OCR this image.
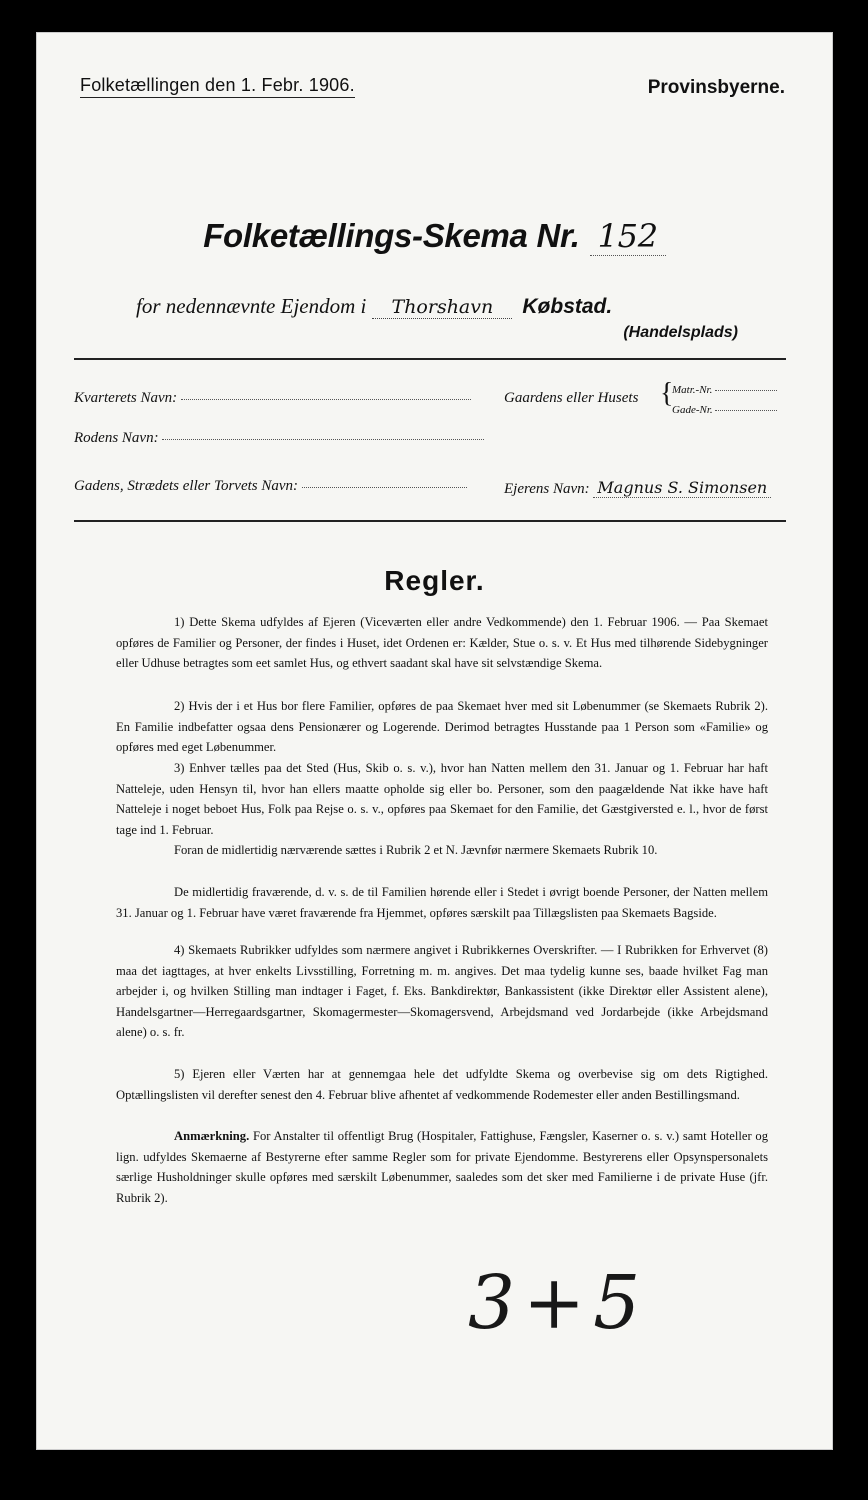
Folketællingen den 1. Febr. 1906.	Provinsbyerne.
Folketællings-Skema Nr. 152
for nedennævnte Ejendom i Thorshavn Købstad.
(Handelsplads)
Kvarterets Navn:	Gaardens eller Husets {
Matr.-Nr.
Gade-Nr.
Rodens Navn:
Gadens, Strædets eller Torvets Navn:	Ejerens Navn: Magnus S. Simonsen
Regler.
1) Dette Skema udfyldes af Ejeren (Viceværten eller andre Vedkommende) den 1. Februar 1906. — Paa Skemaet opføres de Familier og Personer, der findes i Huset, idet Ordenen er: Kælder, Stue o. s. v. Et Hus med tilhørende Sidebygninger eller Udhuse betragtes som eet samlet Hus, og ethvert saadant skal have sit selvstændige Skema.
2) Hvis der i et Hus bor flere Familier, opføres de paa Skemaet hver med sit Løbenummer (se Skemaets Rubrik 2). En Familie indbefatter ogsaa dens Pensionærer og Logerende. Derimod betragtes Husstande paa 1 Person som «Familie» og opføres med eget Løbenummer.
3) Enhver tælles paa det Sted (Hus, Skib o. s. v.), hvor han Natten mellem den 31. Januar og 1. Februar har haft Natteleje, uden Hensyn til, hvor han ellers maatte opholde sig eller bo. Personer, som den paagældende Nat ikke have haft Natteleje i noget beboet Hus, Folk paa Rejse o. s. v., opføres paa Skemaet for den Familie, det Gæstgiversted e. l., hvor de først tage ind 1. Februar.
Foran de midlertidig nærværende sættes i Rubrik 2 et N. Jævnfør nærmere Skemaets Rubrik 10.
De midlertidig fraværende, d. v. s. de til Familien hørende eller i Stedet i øvrigt boende Personer, der Natten mellem 31. Januar og 1. Februar have været fraværende fra Hjemmet, opføres særskilt paa Tillægslisten paa Skemaets Bagside.
4) Skemaets Rubrikker udfyldes som nærmere angivet i Rubrikkernes Overskrifter. — I Rubrikken for Erhvervet (8) maa det iagttages, at hver enkelts Livsstilling, Forretning m. m. angives. Det maa tydelig kunne ses, baade hvilket Fag man arbejder i, og hvilken Stilling man indtager i Faget, f. Eks. Bankdirektør, Bankassistent (ikke Direktør eller Assistent alene), Handelsgartner—Herregaardsgartner, Skomagermester—Skomagersvend, Arbejdsmand ved Jordarbejde (ikke Arbejdsmand alene) o. s. fr.
5) Ejeren eller Værten har at gennemgaa hele det udfyldte Skema og overbevise sig om dets Rigtighed. Optællingslisten vil derefter senest den 4. Februar blive afhentet af vedkommende Rodemester eller anden Bestillingsmand.
Anmærkning. For Anstalter til offentligt Brug (Hospitaler, Fattighuse, Fængsler, Kaserner o. s. v.) samt Hoteller og lign. udfyldes Skemaerne af Bestyrerne efter samme Regler som for private Ejendomme. Bestyrerens eller Opsynspersonalets særlige Husholdninger skulle opføres med særskilt Løbenummer, saaledes som det sker med Familierne i de private Huse (jfr. Rubrik 2).
3+5
